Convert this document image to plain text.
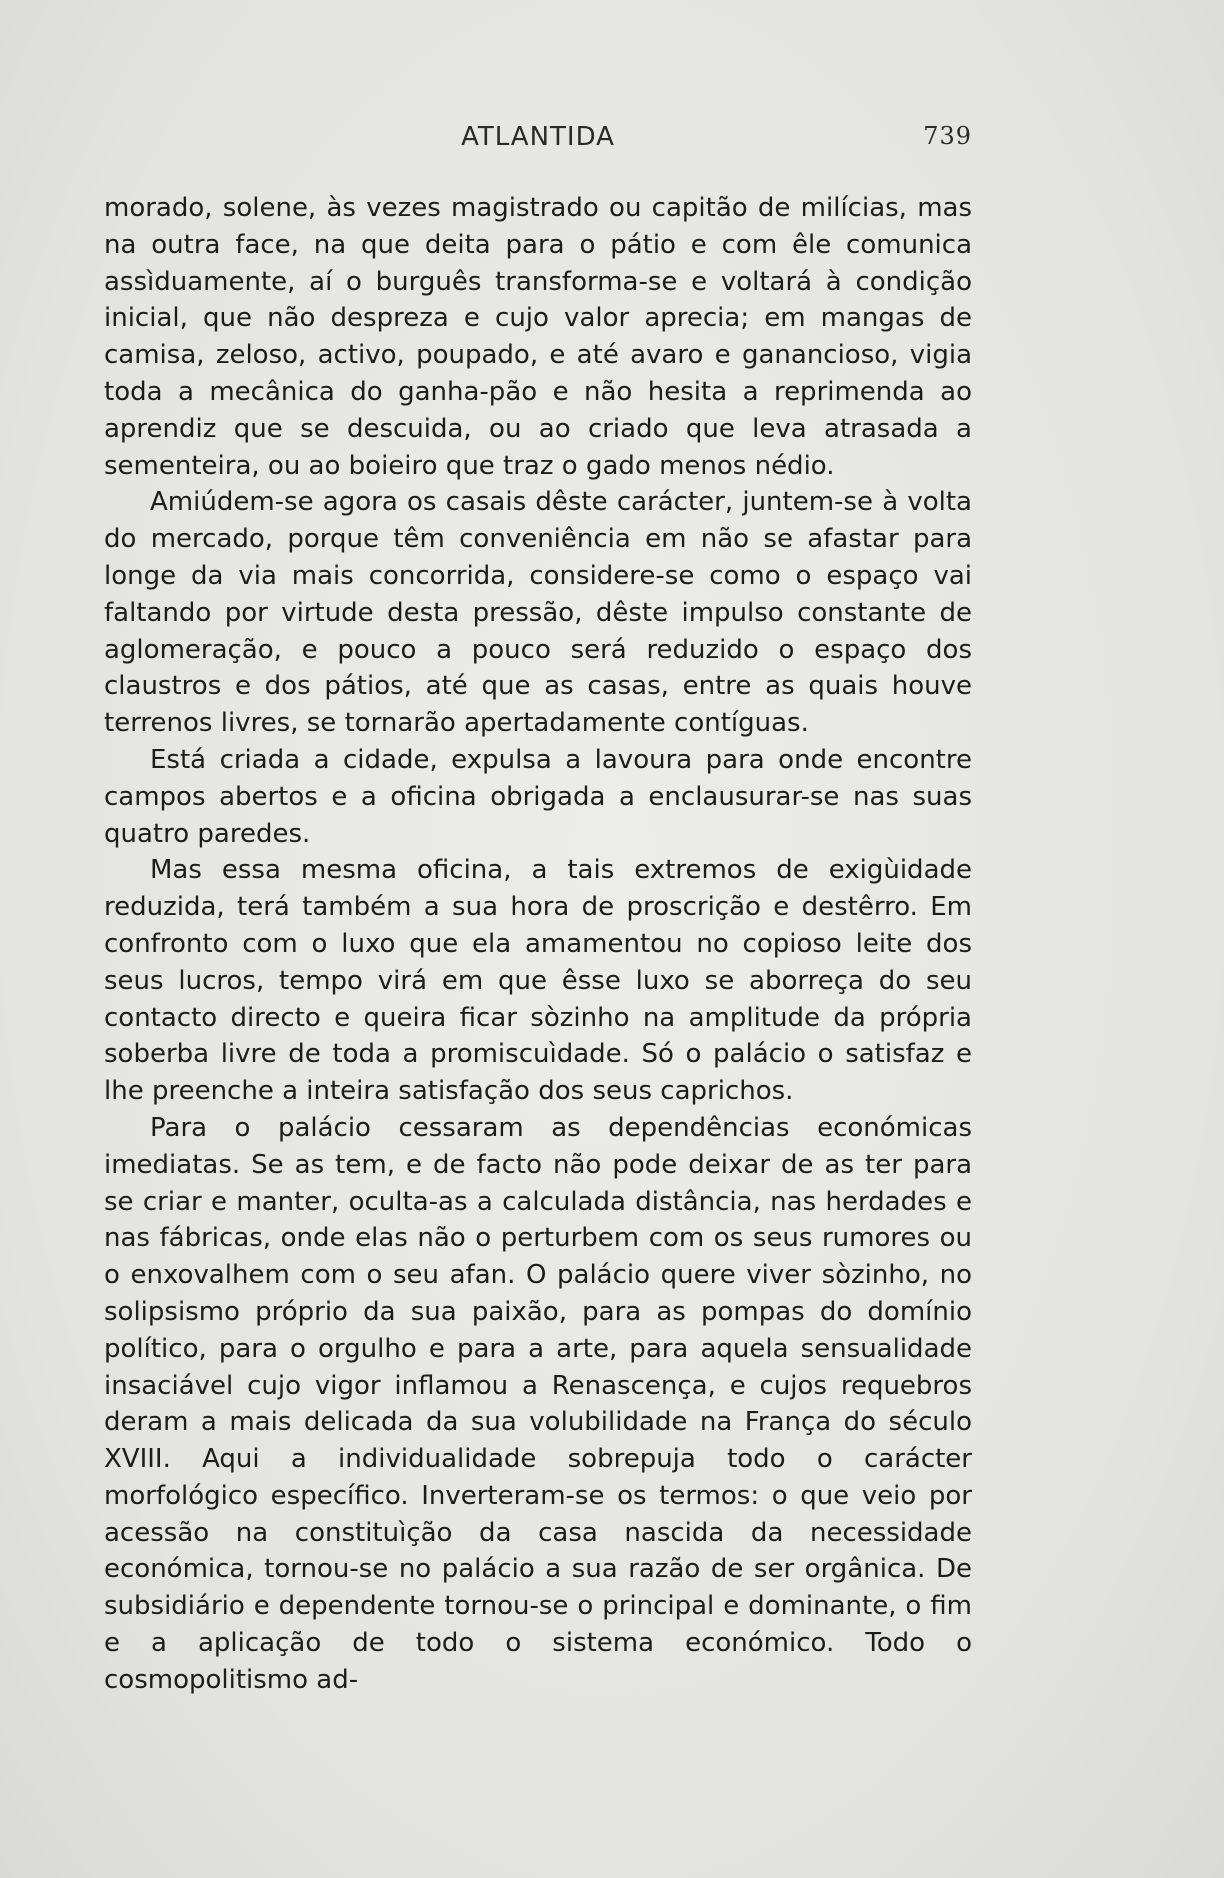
ATLANTIDA	739

morado, solene, às vezes magistrado ou capitão de milícias, mas na outra face, na que deita para o pátio e com êle comunica assìduamente, aí o burguês transforma-se e voltará à condição inicial, que não despreza e cujo valor aprecia; em mangas de camisa, zeloso, activo, poupado, e até avaro e ganancioso, vigia toda a mecânica do ganha-pão e não hesita a reprimenda ao aprendiz que se descuida, ou ao criado que leva atrasada a sementeira, ou ao boieiro que traz o gado menos nédio.

Amiúdem-se agora os casais dêste carácter, juntem-se à volta do mercado, porque têm conveniência em não se afastar para longe da via mais concorrida, considere-se como o espaço vai faltando por virtude desta pressão, dêste impulso constante de aglomeração, e pouco a pouco será reduzido o espaço dos claustros e dos pátios, até que as casas, entre as quais houve terrenos livres, se tornarão apertadamente contíguas.

Está criada a cidade, expulsa a lavoura para onde encontre campos abertos e a oficina obrigada a enclausurar-se nas suas quatro paredes.

Mas essa mesma oficina, a tais extremos de exigùidade reduzida, terá também a sua hora de proscrição e destêrro. Em confronto com o luxo que ela amamentou no copioso leite dos seus lucros, tempo virá em que êsse luxo se aborreça do seu contacto directo e queira ficar sòzinho na amplitude da própria soberba livre de toda a promiscuìdade. Só o palácio o satisfaz e lhe preenche a inteira satisfação dos seus caprichos.

Para o palácio cessaram as dependências económicas imediatas. Se as tem, e de facto não pode deixar de as ter para se criar e manter, oculta-as a calculada distância, nas herdades e nas fábricas, onde elas não o perturbem com os seus rumores ou o enxovalhem com o seu afan. O palácio quere viver sòzinho, no solipsismo próprio da sua paixão, para as pompas do domínio político, para o orgulho e para a arte, para aquela sensualidade insaciável cujo vigor inflamou a Renascença, e cujos requebros deram a mais delicada da sua volubilidade na França do século XVIII. Aqui a individualidade sobrepuja todo o carácter morfológico específico. Inverteram-se os termos: o que veio por acessão na constituìção da casa nascida da necessidade económica, tornou-se no palácio a sua razão de ser orgânica. De subsidiário e dependente tornou-se o principal e dominante, o fim e a aplicação de todo o sistema económico. Todo o cosmopolitismo ad-
